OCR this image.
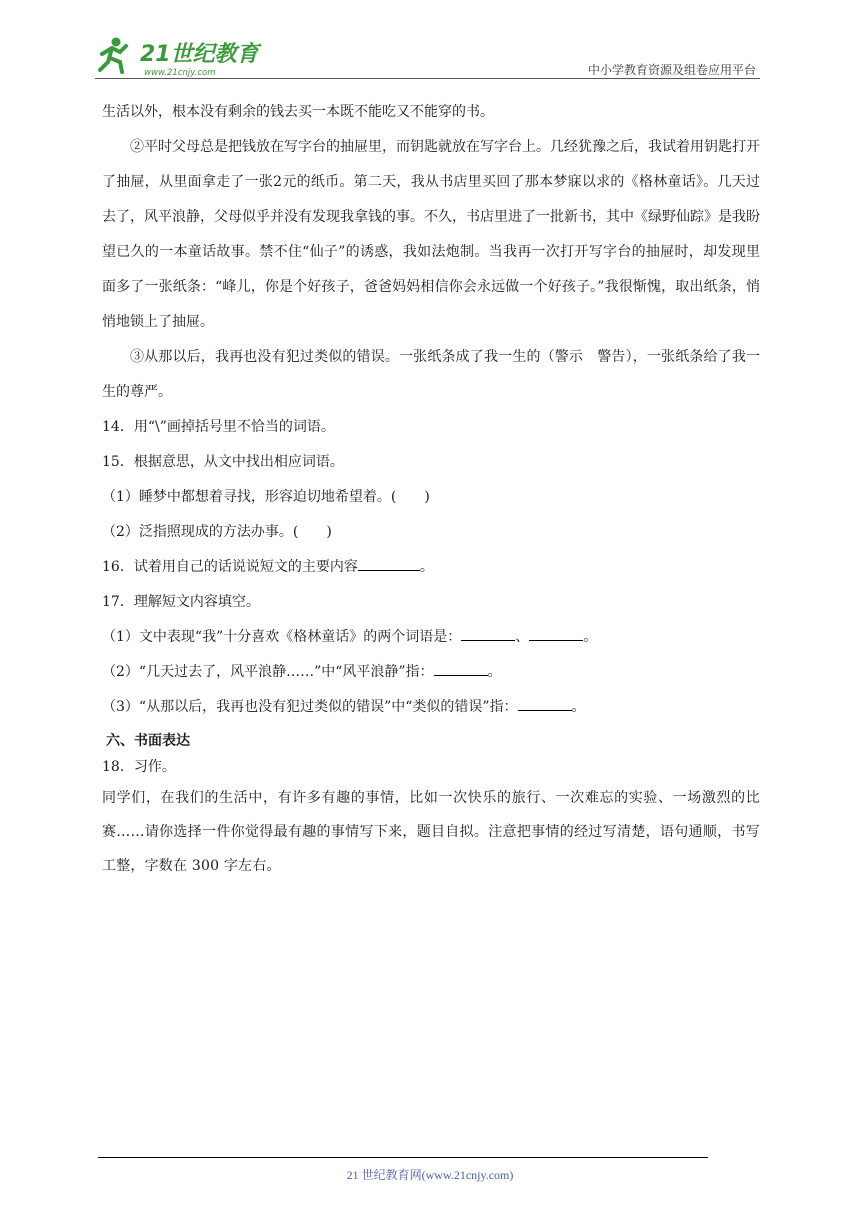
21世纪教育
www.21cnjy.com	中小学教育资源及组卷应用平台

生活以外，根本没有剩余的钱去买一本既不能吃又不能穿的书。

②平时父母总是把钱放在写字台的抽屉里，而钥匙就放在写字台上。几经犹豫之后，我试着用钥匙打开了抽屉，从里面拿走了一张2元的纸币。第二天，我从书店里买回了那本梦寐以求的《格林童话》。几天过去了，风平浪静，父母似乎并没有发现我拿钱的事。不久，书店里进了一批新书，其中《绿野仙踪》是我盼望已久的一本童话故事。禁不住“仙子”的诱惑，我如法炮制。当我再一次打开写字台的抽屉时，却发现里面多了一张纸条：“峰儿，你是个好孩子，爸爸妈妈相信你会永远做一个好孩子。”我很惭愧，取出纸条，悄悄地锁上了抽屉。

③从那以后，我再也没有犯过类似的错误。一张纸条成了我一生的（警示　警告），一张纸条给了我一生的尊严。

14．用“\”画掉括号里不恰当的词语。

15．根据意思，从文中找出相应词语。

（1）睡梦中都想着寻找，形容迫切地希望着。(　　)

（2）泛指照现成的方法办事。(　　)

16．试着用自己的话说说短文的主要内容	。

17．理解短文内容填空。

（1）文中表现“我”十分喜欢《格林童话》的两个词语是：	、	。

（2）“几天过去了，风平浪静……”中“风平浪静”指：	。

（3）“从那以后，我再也没有犯过类似的错误”中“类似的错误”指：	。

六、书面表达

18．习作。

同学们，在我们的生活中，有许多有趣的事情，比如一次快乐的旅行、一次难忘的实验、一场激烈的比赛……请你选择一件你觉得最有趣的事情写下来，题目自拟。注意把事情的经过写清楚，语句通顺，书写工整，字数在 300 字左右。

21 世纪教育网(www.21cnjy.com)
